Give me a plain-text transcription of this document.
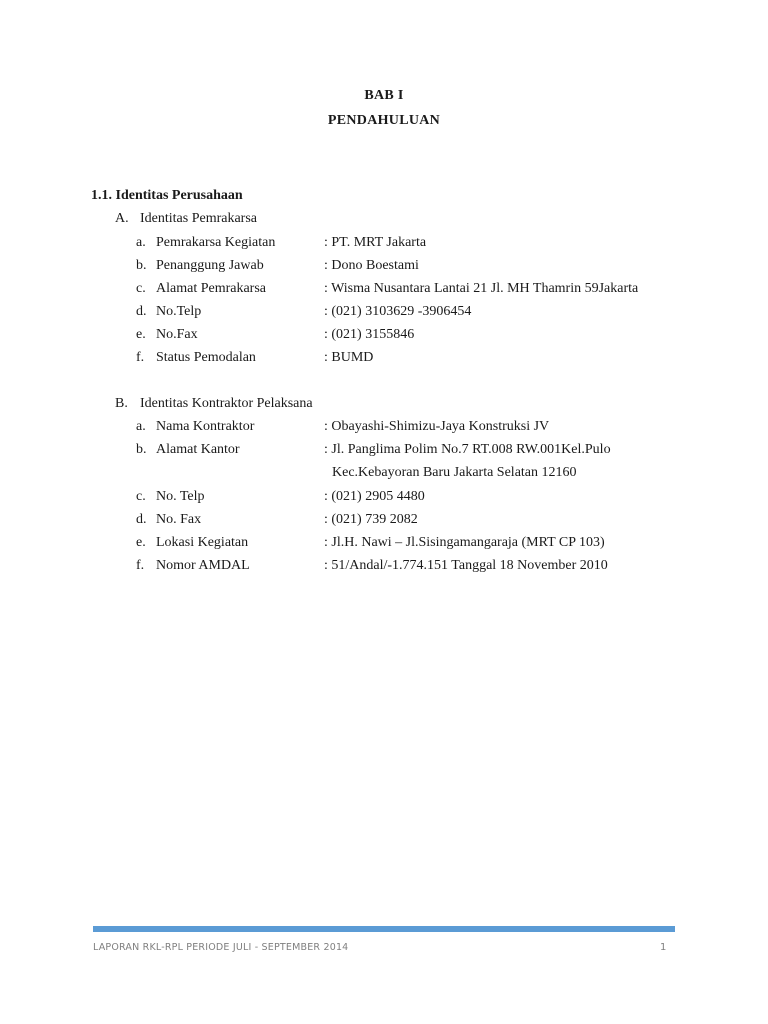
BAB I
PENDAHULUAN
1.1. Identitas Perusahaan
A. Identitas Pemrakarsa
a. Pemrakarsa Kegiatan	: PT. MRT Jakarta
b. Penanggung Jawab	: Dono Boestami
c. Alamat Pemrakarsa	: Wisma Nusantara Lantai 21 Jl. MH Thamrin 59Jakarta
d. No.Telp	: (021) 3103629 -3906454
e. No.Fax	: (021) 3155846
f. Status Pemodalan	: BUMD
B. Identitas Kontraktor Pelaksana
a. Nama Kontraktor	: Obayashi-Shimizu-Jaya Konstruksi JV
b. Alamat Kantor	: Jl. Panglima Polim No.7 RT.008 RW.001Kel.Pulo
Kec.Kebayoran Baru Jakarta Selatan 12160
c. No. Telp	: (021) 2905 4480
d. No. Fax	: (021) 739 2082
e. Lokasi Kegiatan	: Jl.H. Nawi – Jl.Sisingamangaraja (MRT CP 103)
f. Nomor AMDAL	: 51/Andal/-1.774.151 Tanggal 18 November 2010
LAPORAN RKL-RPL PERIODE JULI - SEPTEMBER 2014	1
